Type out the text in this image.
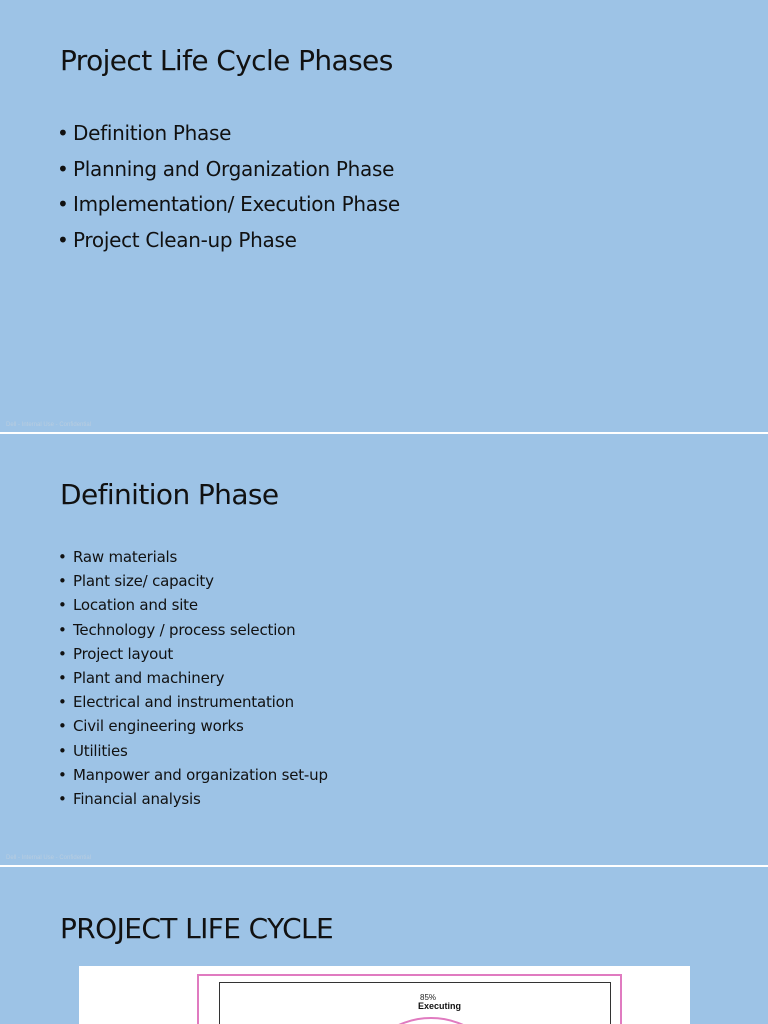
Project Life Cycle Phases
• Definition Phase
• Planning and Organization Phase
• Implementation/ Execution Phase
• Project Clean-up Phase
Dell - Internal Use - Confidential
Definition Phase
• Raw materials
• Plant size/ capacity
• Location and site
• Technology / process selection
• Project layout
• Plant and machinery
• Electrical and instrumentation
• Civil engineering works
• Utilities
• Manpower and organization set-up
• Financial analysis
Dell - Internal Use - Confidential
PROJECT LIFE CYCLE
85%
Executing
